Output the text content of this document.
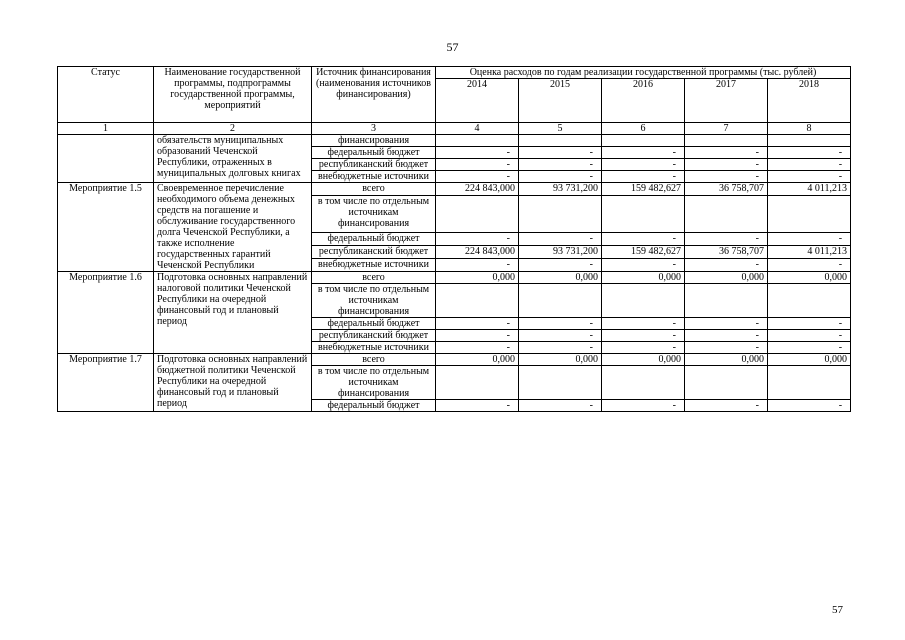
57
Статус	Наименование государственной программы, подпрограммы государственной программы, мероприятий	Источник финансирования (наименования источников финансирования)	Оценка расходов по годам реализации государственной программы (тыс. рублей)				
			2014	2015	2016	2017	2018
1	2	3	4	5	6	7	8
	обязательств муниципальных образований Чеченской Республики, отраженных в муниципальных долговых книгах	финансирования					
		федеральный бюджет	-	-	-	-	-
		республиканский бюджет	-	-	-	-	-
		внебюджетные источники	-	-	-	-	-
Мероприятие 1.5	Своевременное перечисление необходимого объема денежных средств на погашение и обслуживание государственного долга Чеченской Республики, а также исполнение государственных гарантий Чеченской Республики	всего	224 843,000	93 731,200	159 482,627	36 758,707	4 011,213
		в том числе по отдельным источникам финансирования					
		федеральный бюджет	-	-	-	-	-
		республиканский бюджет	224 843,000	93 731,200	159 482,627	36 758,707	4 011,213
		внебюджетные источники	-	-	-	-	-
Мероприятие 1.6	Подготовка основных направлений налоговой политики Чеченской Республики на очередной финансовый год и плановый период	всего	0,000	0,000	0,000	0,000	0,000
		в том числе по отдельным источникам финансирования					
		федеральный бюджет	-	-	-	-	-
		республиканский бюджет	-	-	-	-	-
		внебюджетные источники	-	-	-	-	-
Мероприятие 1.7	Подготовка основных направлений бюджетной политики Чеченской Республики на очередной финансовый год и плановый период	всего	0,000	0,000	0,000	0,000	0,000
		в том числе по отдельным источникам финансирования					
		федеральный бюджет	-	-	-	-	-
57
